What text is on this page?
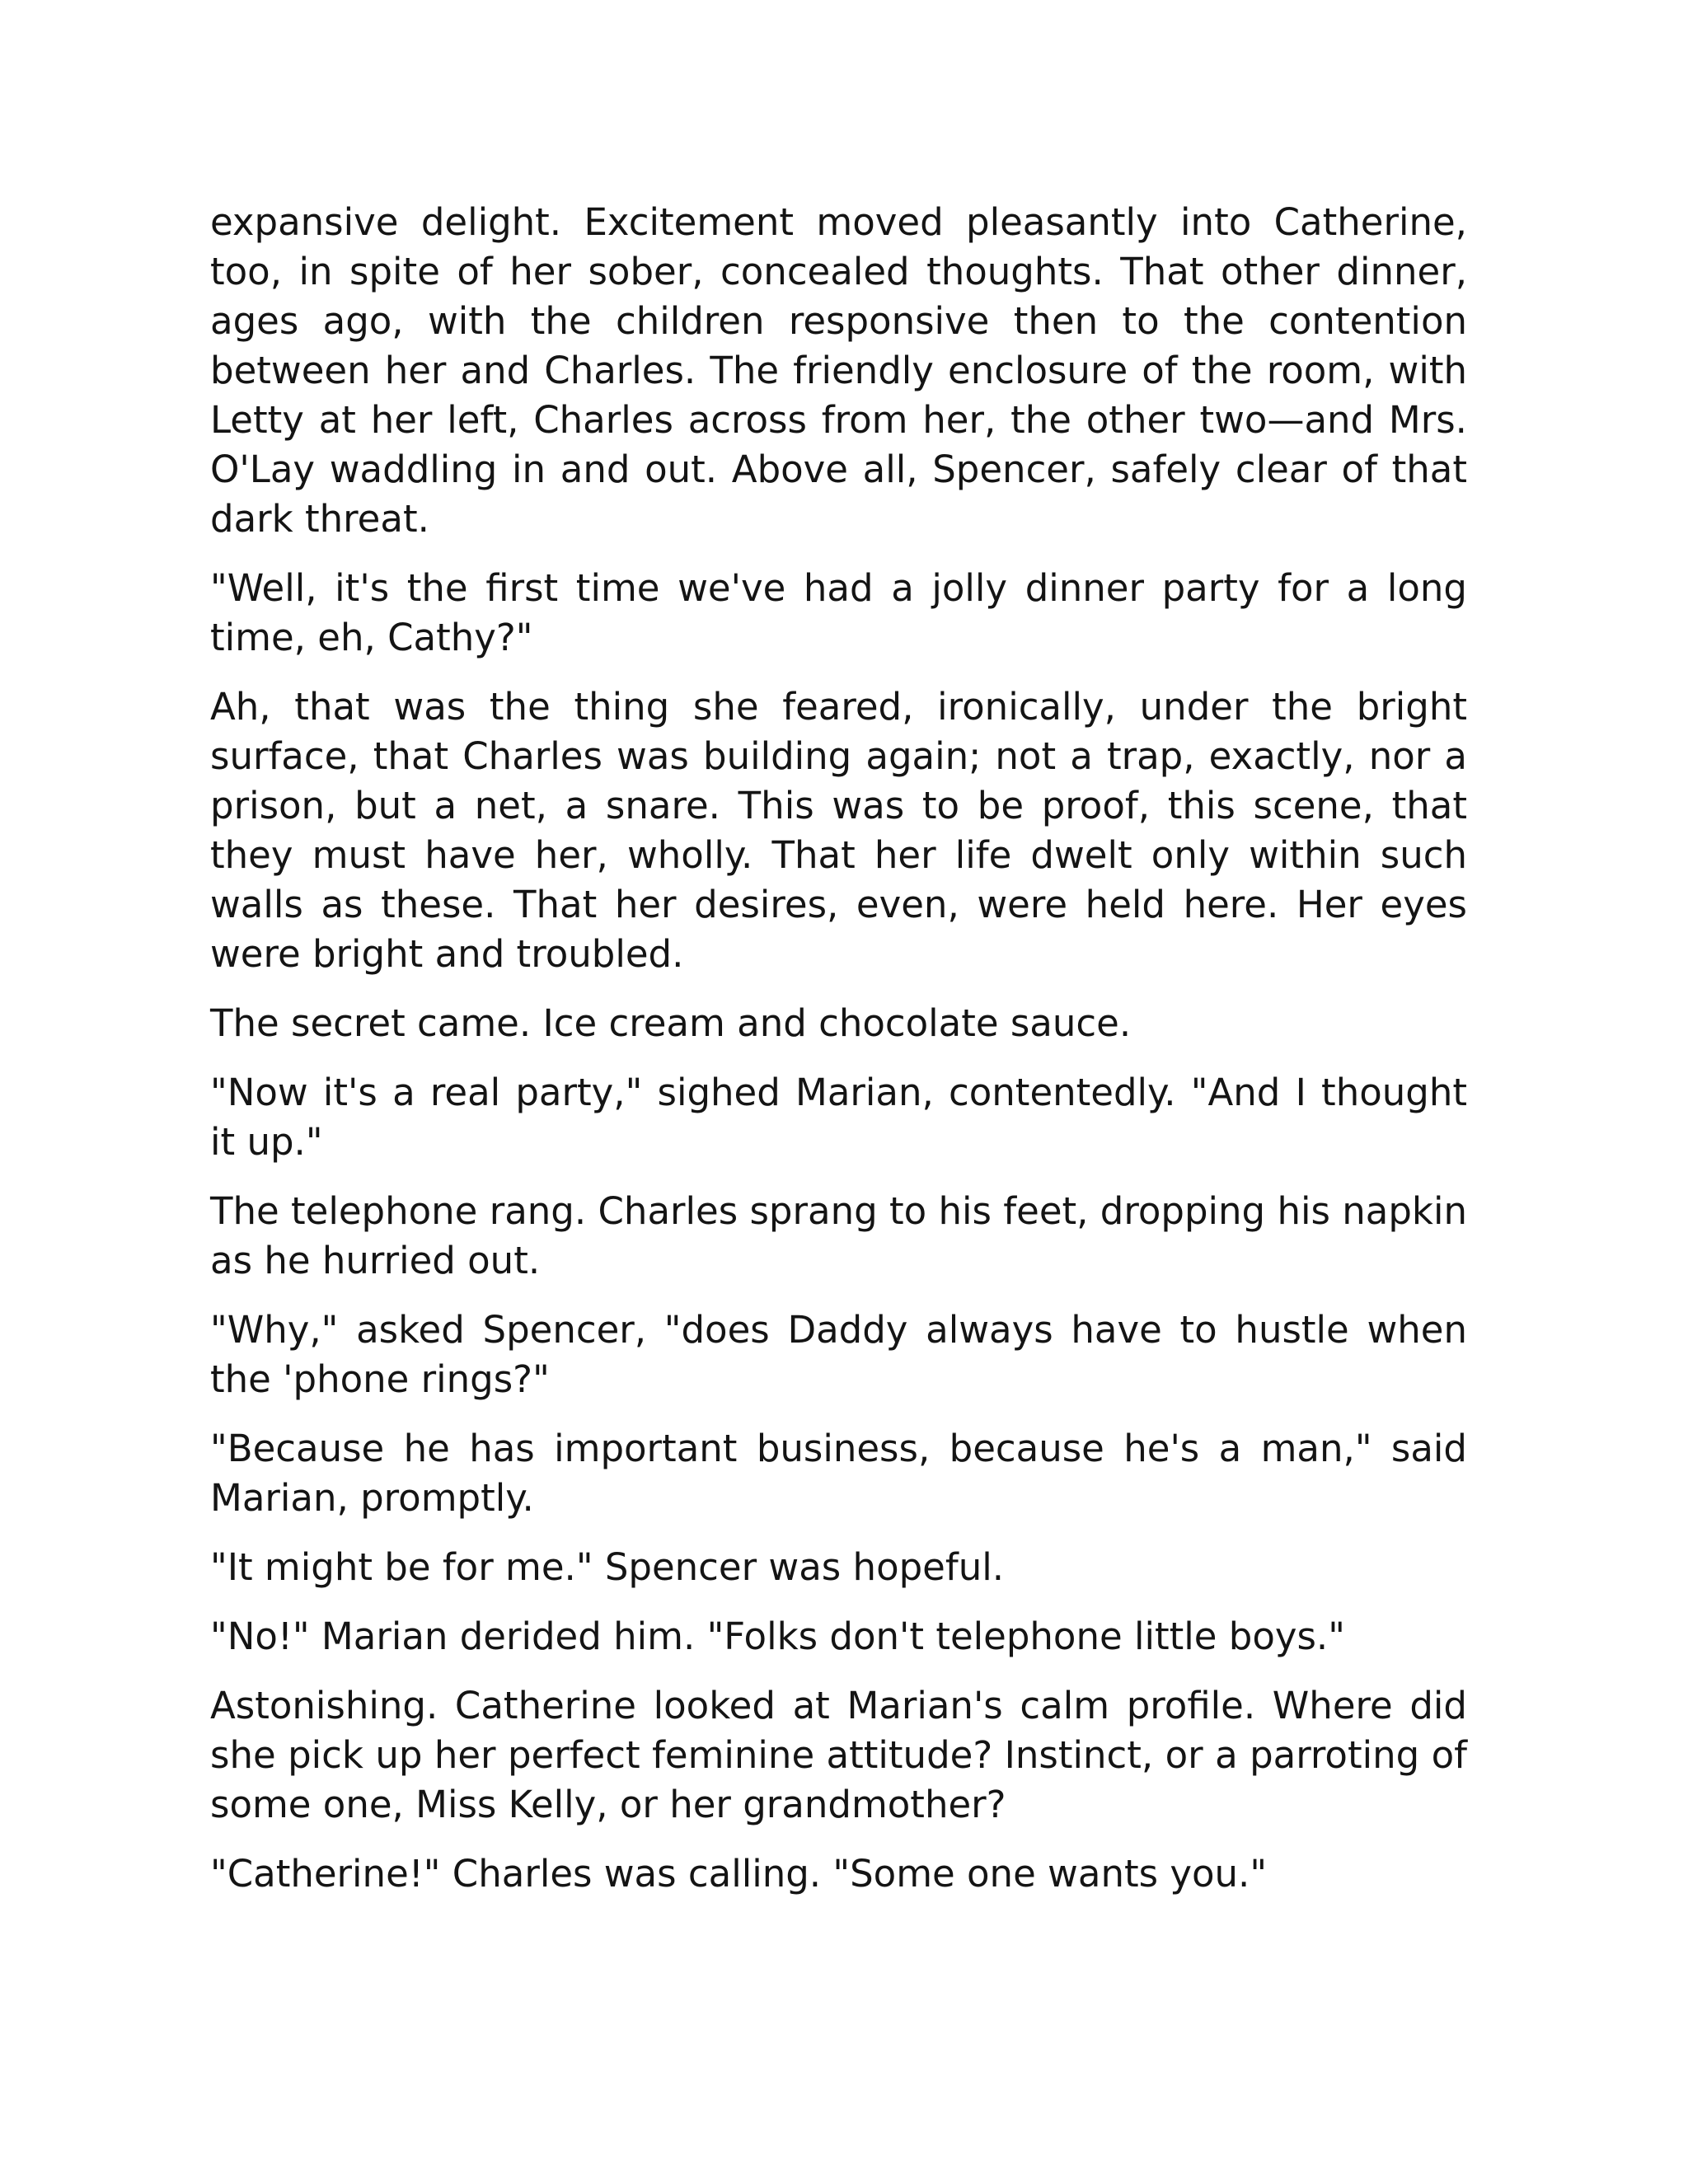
expansive delight. Excitement moved pleasantly into Catherine, too, in spite of her sober, concealed thoughts. That other dinner, ages ago, with the children responsive then to the contention between her and Charles. The friendly enclosure of the room, with Letty at her left, Charles across from her, the other two—and Mrs. O'Lay waddling in and out. Above all, Spencer, safely clear of that dark threat.

"Well, it's the first time we've had a jolly dinner party for a long time, eh, Cathy?"

Ah, that was the thing she feared, ironically, under the bright surface, that Charles was building again; not a trap, exactly, nor a prison, but a net, a snare. This was to be proof, this scene, that they must have her, wholly. That her life dwelt only within such walls as these. That her desires, even, were held here. Her eyes were bright and troubled.

The secret came. Ice cream and chocolate sauce.

"Now it's a real party," sighed Marian, contentedly. "And I thought it up."

The telephone rang. Charles sprang to his feet, dropping his napkin as he hurried out.

"Why," asked Spencer, "does Daddy always have to hustle when the 'phone rings?"

"Because he has important business, because he's a man," said Marian, promptly.

"It might be for me." Spencer was hopeful.

"No!" Marian derided him. "Folks don't telephone little boys."

Astonishing. Catherine looked at Marian's calm profile. Where did she pick up her perfect feminine attitude? Instinct, or a parroting of some one, Miss Kelly, or her grandmother?

"Catherine!" Charles was calling. "Some one wants you."
